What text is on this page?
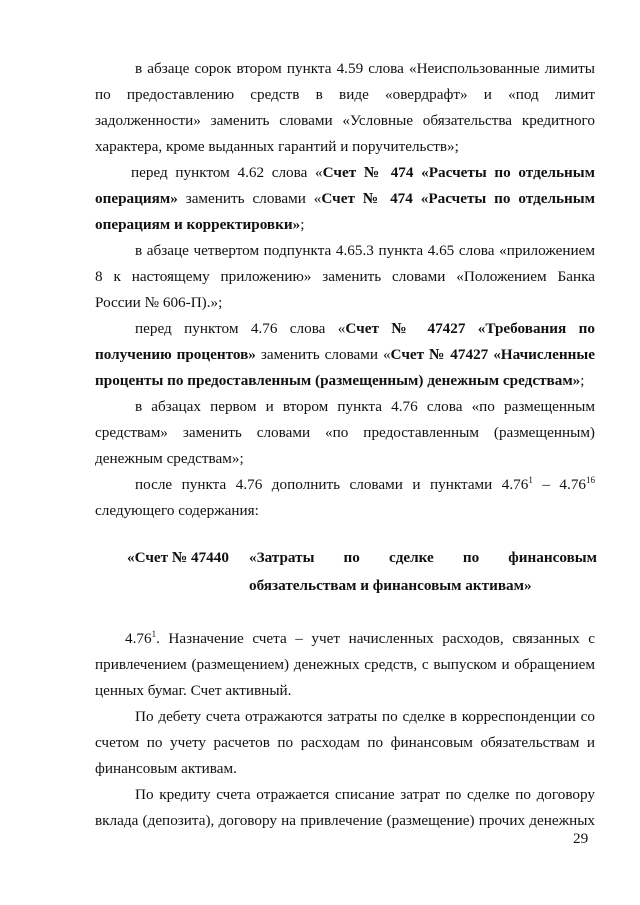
в абзаце сорок втором пункта 4.59 слова «Неиспользованные лимиты по предоставлению средств в виде «овердрафт» и «под лимит задолженности» заменить словами «Условные обязательства кредитного характера, кроме выданных гарантий и поручительств»;

перед пунктом 4.62 слова «Счет № 474 «Расчеты по отдельным операциям» заменить словами «Счет № 474 «Расчеты по отдельным операциям и корректировки»;

в абзаце четвертом подпункта 4.65.3 пункта 4.65 слова «приложением 8 к настоящему приложению» заменить словами «Положением Банка России № 606-П).»;

перед пунктом 4.76 слова «Счет № 47427 «Требования по получению процентов» заменить словами «Счет № 47427 «Начисленные проценты по предоставленным (размещенным) денежным средствам»;

в абзацах первом и втором пункта 4.76 слова «по размещенным средствам» заменить словами «по предоставленным (размещенным) денежным средствам»;

после пункта 4.76 дополнить словами и пунктами 4.76$^1$ – 4.76$^{16}$ следующего содержания:

«Счет № 47440	«Затраты по сделке по финансовым
обязательствам и финансовым активам»

4.76$^1$. Назначение счета – учет начисленных расходов, связанных с привлечением (размещением) денежных средств, с выпуском и обращением ценных бумаг. Счет активный.

По дебету счета отражаются затраты по сделке в корреспонденции со счетом по учету расчетов по расходам по финансовым обязательствам и финансовым активам.

По кредиту счета отражается списание затрат по сделке по договору вклада (депозита), договору на привлечение (размещение) прочих денежных

29
